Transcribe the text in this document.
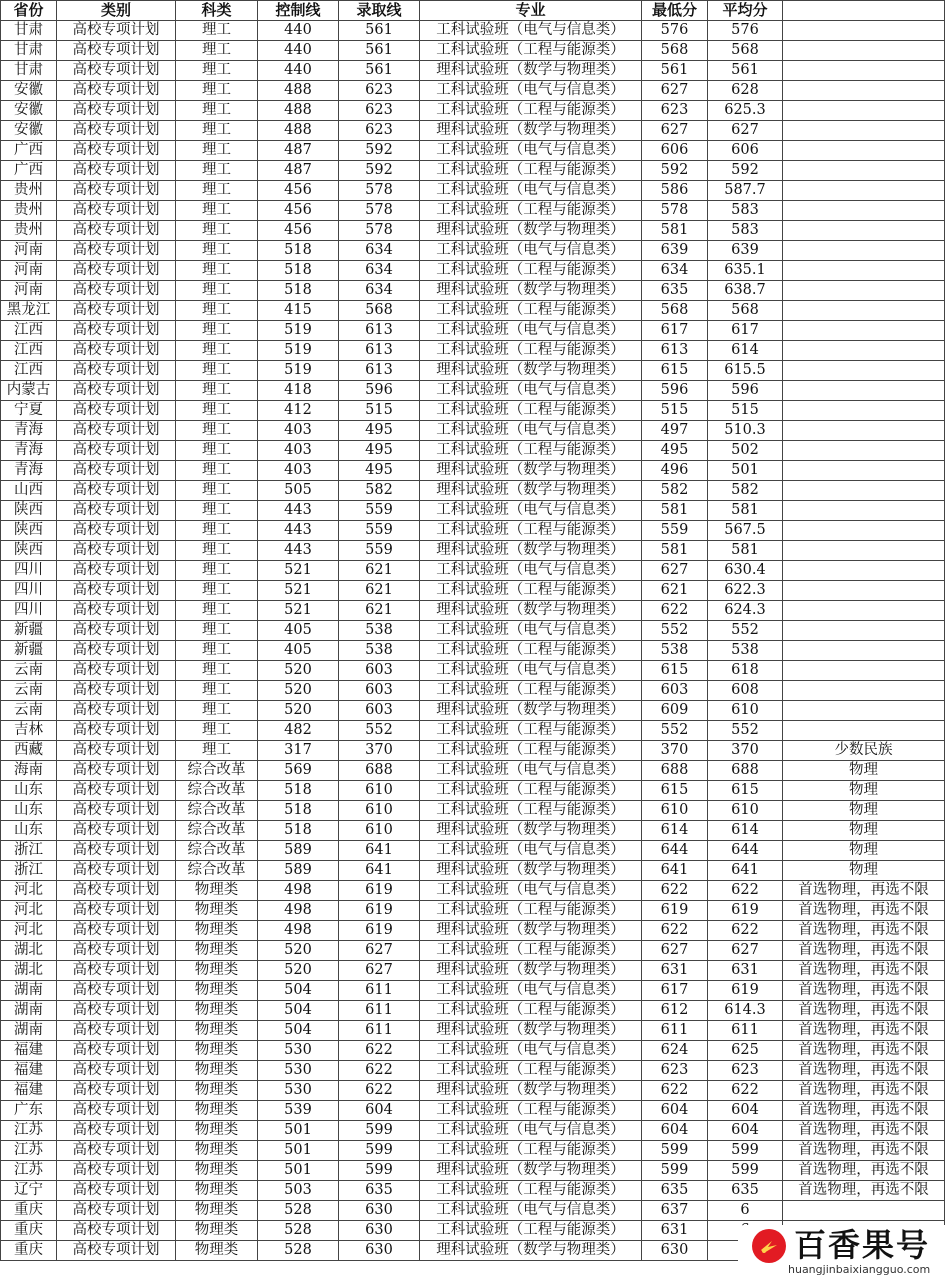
省份	类别	科类	控制线	录取线	专业	最低分	平均分	
甘肃	高校专项计划	理工	440	561	工科试验班（电气与信息类）	576	576	
甘肃	高校专项计划	理工	440	561	工科试验班（工程与能源类）	568	568	
甘肃	高校专项计划	理工	440	561	理科试验班（数学与物理类）	561	561	
安徽	高校专项计划	理工	488	623	工科试验班（电气与信息类）	627	628	
安徽	高校专项计划	理工	488	623	工科试验班（工程与能源类）	623	625.3	
安徽	高校专项计划	理工	488	623	理科试验班（数学与物理类）	627	627	
广西	高校专项计划	理工	487	592	工科试验班（电气与信息类）	606	606	
广西	高校专项计划	理工	487	592	工科试验班（工程与能源类）	592	592	
贵州	高校专项计划	理工	456	578	工科试验班（电气与信息类）	586	587.7	
贵州	高校专项计划	理工	456	578	工科试验班（工程与能源类）	578	583	
贵州	高校专项计划	理工	456	578	理科试验班（数学与物理类）	581	583	
河南	高校专项计划	理工	518	634	工科试验班（电气与信息类）	639	639	
河南	高校专项计划	理工	518	634	工科试验班（工程与能源类）	634	635.1	
河南	高校专项计划	理工	518	634	理科试验班（数学与物理类）	635	638.7	
黑龙江	高校专项计划	理工	415	568	工科试验班（工程与能源类）	568	568	
江西	高校专项计划	理工	519	613	工科试验班（电气与信息类）	617	617	
江西	高校专项计划	理工	519	613	工科试验班（工程与能源类）	613	614	
江西	高校专项计划	理工	519	613	理科试验班（数学与物理类）	615	615.5	
内蒙古	高校专项计划	理工	418	596	工科试验班（电气与信息类）	596	596	
宁夏	高校专项计划	理工	412	515	工科试验班（工程与能源类）	515	515	
青海	高校专项计划	理工	403	495	工科试验班（电气与信息类）	497	510.3	
青海	高校专项计划	理工	403	495	工科试验班（工程与能源类）	495	502	
青海	高校专项计划	理工	403	495	理科试验班（数学与物理类）	496	501	
山西	高校专项计划	理工	505	582	理科试验班（数学与物理类）	582	582	
陕西	高校专项计划	理工	443	559	工科试验班（电气与信息类）	581	581	
陕西	高校专项计划	理工	443	559	工科试验班（工程与能源类）	559	567.5	
陕西	高校专项计划	理工	443	559	理科试验班（数学与物理类）	581	581	
四川	高校专项计划	理工	521	621	工科试验班（电气与信息类）	627	630.4	
四川	高校专项计划	理工	521	621	工科试验班（工程与能源类）	621	622.3	
四川	高校专项计划	理工	521	621	理科试验班（数学与物理类）	622	624.3	
新疆	高校专项计划	理工	405	538	工科试验班（电气与信息类）	552	552	
新疆	高校专项计划	理工	405	538	工科试验班（工程与能源类）	538	538	
云南	高校专项计划	理工	520	603	工科试验班（电气与信息类）	615	618	
云南	高校专项计划	理工	520	603	工科试验班（工程与能源类）	603	608	
云南	高校专项计划	理工	520	603	理科试验班（数学与物理类）	609	610	
吉林	高校专项计划	理工	482	552	工科试验班（工程与能源类）	552	552	
西藏	高校专项计划	理工	317	370	工科试验班（工程与能源类）	370	370	少数民族
海南	高校专项计划	综合改革	569	688	工科试验班（电气与信息类）	688	688	物理
山东	高校专项计划	综合改革	518	610	工科试验班（工程与能源类）	615	615	物理
山东	高校专项计划	综合改革	518	610	工科试验班（工程与能源类）	610	610	物理
山东	高校专项计划	综合改革	518	610	理科试验班（数学与物理类）	614	614	物理
浙江	高校专项计划	综合改革	589	641	工科试验班（电气与信息类）	644	644	物理
浙江	高校专项计划	综合改革	589	641	理科试验班（数学与物理类）	641	641	物理
河北	高校专项计划	物理类	498	619	工科试验班（电气与信息类）	622	622	首选物理，再选不限
河北	高校专项计划	物理类	498	619	工科试验班（工程与能源类）	619	619	首选物理，再选不限
河北	高校专项计划	物理类	498	619	理科试验班（数学与物理类）	622	622	首选物理，再选不限
湖北	高校专项计划	物理类	520	627	工科试验班（工程与能源类）	627	627	首选物理，再选不限
湖北	高校专项计划	物理类	520	627	理科试验班（数学与物理类）	631	631	首选物理，再选不限
湖南	高校专项计划	物理类	504	611	工科试验班（电气与信息类）	617	619	首选物理，再选不限
湖南	高校专项计划	物理类	504	611	工科试验班（工程与能源类）	612	614.3	首选物理，再选不限
湖南	高校专项计划	物理类	504	611	理科试验班（数学与物理类）	611	611	首选物理，再选不限
福建	高校专项计划	物理类	530	622	工科试验班（电气与信息类）	624	625	首选物理，再选不限
福建	高校专项计划	物理类	530	622	工科试验班（工程与能源类）	623	623	首选物理，再选不限
福建	高校专项计划	物理类	530	622	理科试验班（数学与物理类）	622	622	首选物理，再选不限
广东	高校专项计划	物理类	539	604	工科试验班（工程与能源类）	604	604	首选物理，再选不限
江苏	高校专项计划	物理类	501	599	工科试验班（电气与信息类）	604	604	首选物理，再选不限
江苏	高校专项计划	物理类	501	599	工科试验班（工程与能源类）	599	599	首选物理，再选不限
江苏	高校专项计划	物理类	501	599	理科试验班（数学与物理类）	599	599	首选物理，再选不限
辽宁	高校专项计划	物理类	503	635	工科试验班（工程与能源类）	635	635	首选物理，再选不限
重庆	高校专项计划	物理类	528	630	工科试验班（电气与信息类）	637	6	
重庆	高校专项计划	物理类	528	630	工科试验班（工程与能源类）	631		
重庆	高校专项计划	物理类	528	630	理科试验班（数学与物理类）	630			百香果号
huangjinbaixiangguo.com
